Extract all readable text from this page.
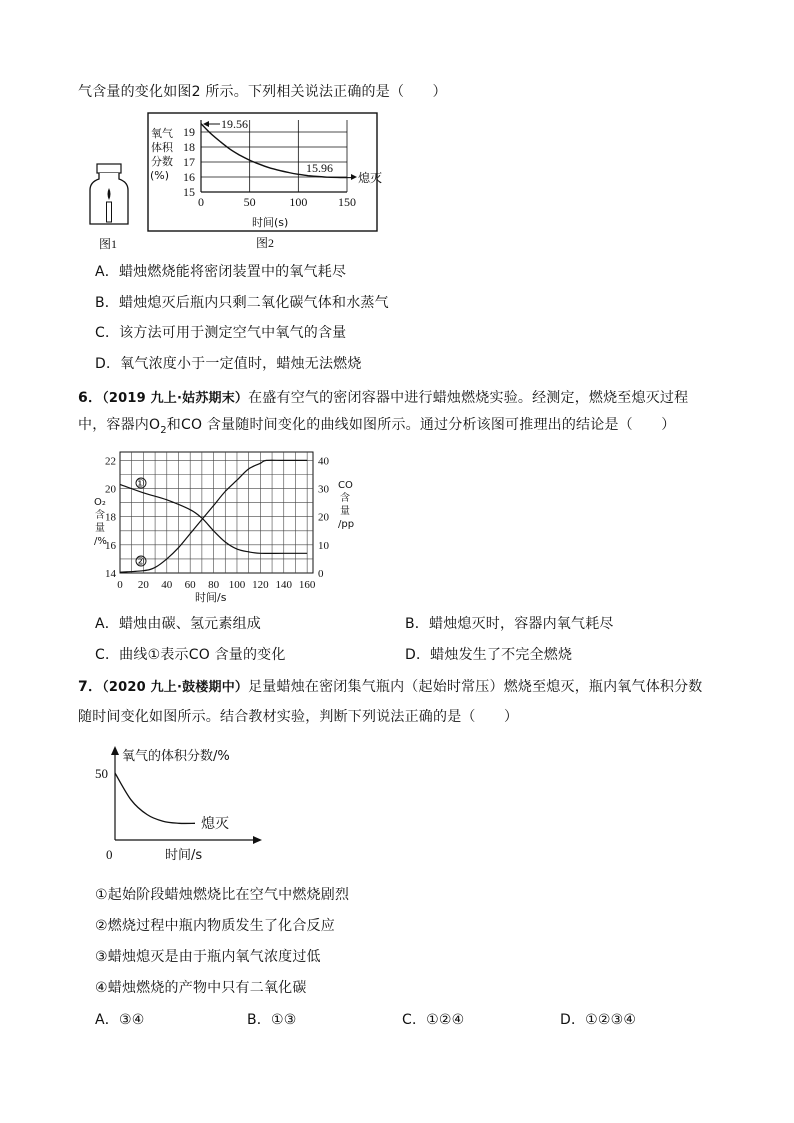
气含量的变化如图2 所示。下列相关说法正确的是（　　）
图1
0	50	100	150
15
16
17
18
19
氧气
体积
分数
(%)
19.56
15.96
熄灭
时间(s)
图2
A．蜡烛燃烧能将密闭装置中的氧气耗尽
B．蜡烛熄灭后瓶内只剩二氧化碳气体和水蒸气
C．该方法可用于测定空气中氧气的含量
D．氧气浓度小于一定值时，蜡烛无法燃烧
6．（2019 九上·姑苏期末）在盛有空气的密闭容器中进行蜡烛燃烧实验。经测定，燃烧至熄灭过程
中，容器内$O_2$和CO 含量随时间变化的曲线如图所示。通过分析该图可推理出的结论是（　　）
0 20 40 60 80 100 120 140 160
14
16
18
20
22
0
10
20
30
40
①
②
O₂
含
量
/%
CO
含
量
/pp
时间/s
A．蜡烛由碳、氢元素组成	B．蜡烛熄灭时，容器内氧气耗尽
C．曲线①表示CO 含量的变化	D．蜡烛发生了不完全燃烧
7．（2020 九上·鼓楼期中）足量蜡烛在密闭集气瓶内（起始时常压）燃烧至熄灭，瓶内氧气体积分数
随时间变化如图所示。结合教材实验，判断下列说法正确的是（　　）
氧气的体积分数/%
50
0	时间/s
熄灭
①起始阶段蜡烛燃烧比在空气中燃烧剧烈
②燃烧过程中瓶内物质发生了化合反应
③蜡烛熄灭是由于瓶内氧气浓度过低
④蜡烛燃烧的产物中只有二氧化碳
A．③④	B．①③	C．①②④	D．①②③④
